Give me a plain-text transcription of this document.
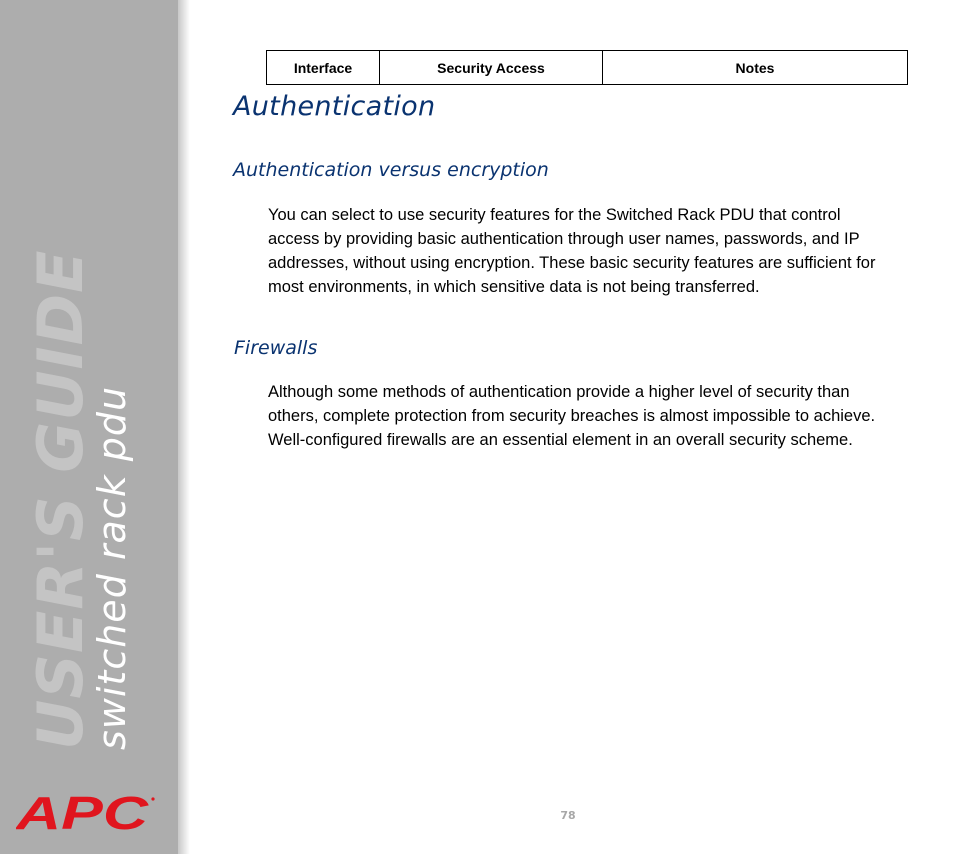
USER'S GUIDE
switched rack pdu
APC
Interface	Security Access	Notes
Authentication
Authentication versus encryption

You can select to use security features for the Switched Rack PDU that control access by providing basic authentication through user names, passwords, and IP addresses, without using encryption. These basic security features are sufficient for most environments, in which sensitive data is not being transferred.

Firewalls

Although some methods of authentication provide a higher level of security than others, complete protection from security breaches is almost impossible to achieve. Well-configured firewalls are an essential element in an overall security scheme.

78
